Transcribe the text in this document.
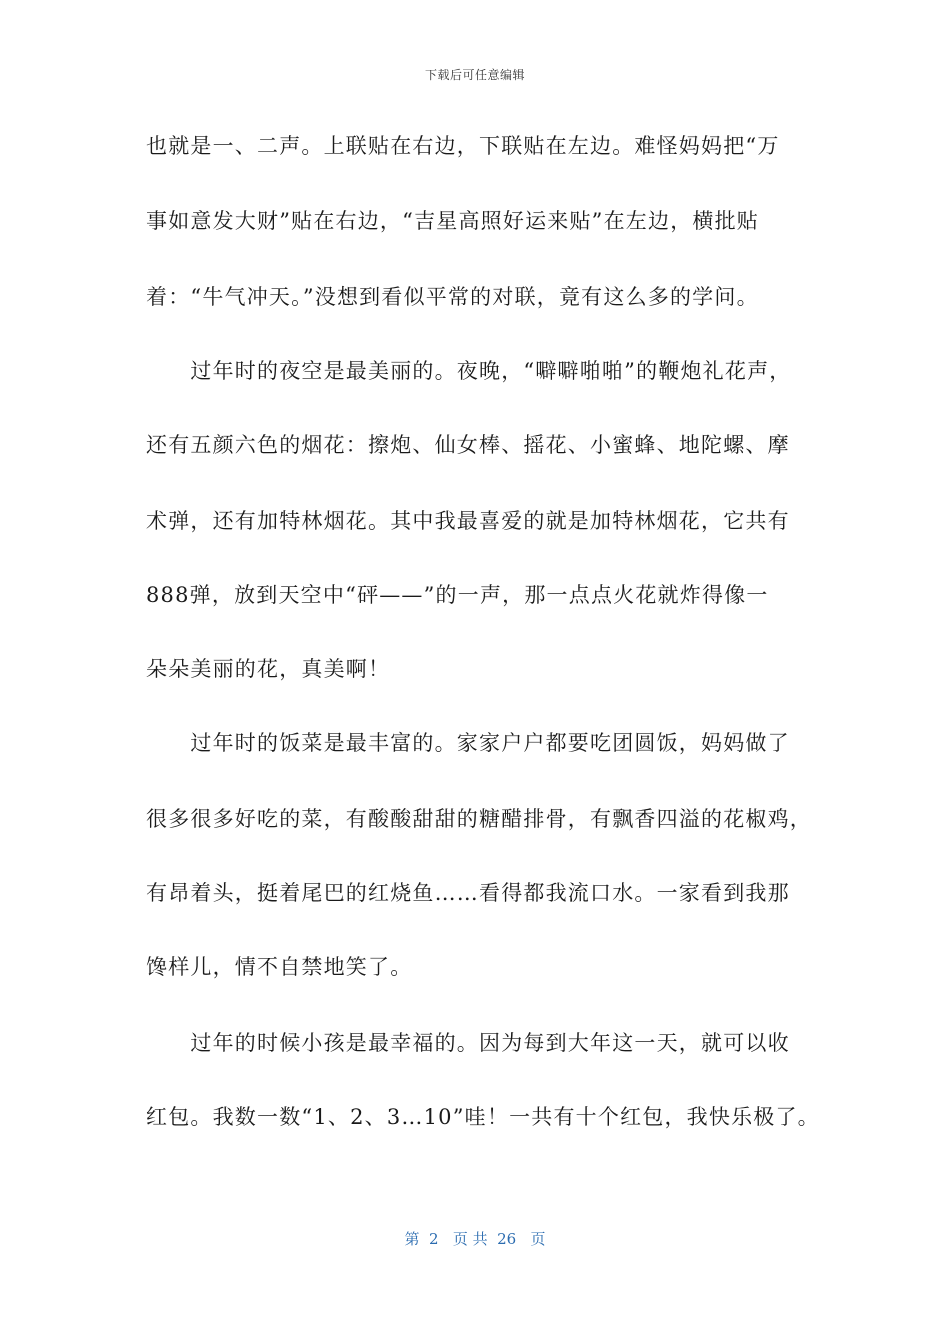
下载后可任意编辑
也就是一、二声。上联贴在右边，下联贴在左边。难怪妈妈把“万
事如意发大财”贴在右边，“吉星高照好运来贴”在左边，横批贴
着：“牛气冲天。”没想到看似平常的对联，竟有这么多的学问。
　　过年时的夜空是最美丽的。夜晚，“噼噼啪啪”的鞭炮礼花声，
还有五颜六色的烟花：擦炮、仙女棒、摇花、小蜜蜂、地陀螺、摩
术弹，还有加特林烟花。其中我最喜爱的就是加特林烟花，它共有
888弹，放到天空中“砰——”的一声，那一点点火花就炸得像一
朵朵美丽的花，真美啊！
　　过年时的饭菜是最丰富的。家家户户都要吃团圆饭，妈妈做了
很多很多好吃的菜，有酸酸甜甜的糖醋排骨，有飘香四溢的花椒鸡，
有昂着头，挺着尾巴的红烧鱼……看得都我流口水。一家看到我那
馋样儿，情不自禁地笑了。
　　过年的时候小孩是最幸福的。因为每到大年这一天，就可以收
红包。我数一数“1、2、3…10”哇！一共有十个红包，我快乐极了。
第  2   页 共  26   页
